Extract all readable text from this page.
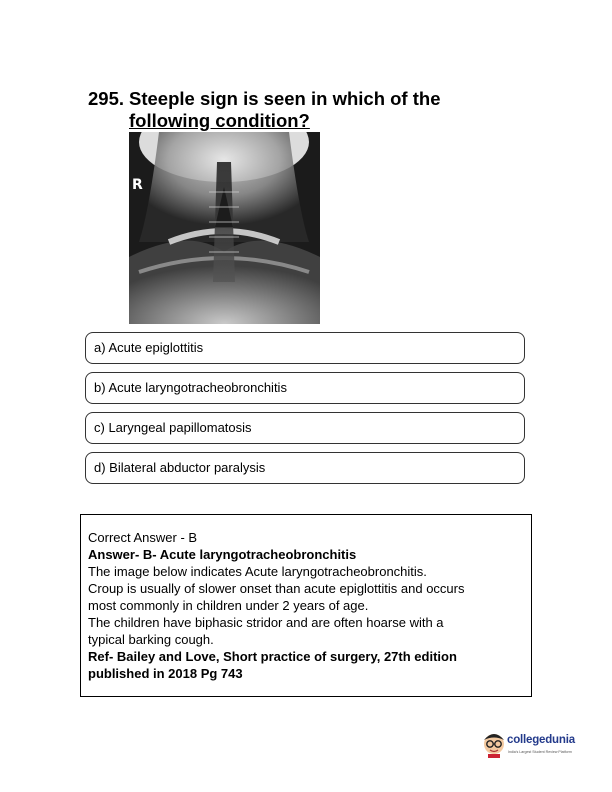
295. Steeple sign is seen in which of the
following condition?
R
a) Acute epiglottitis
b) Acute laryngotracheobronchitis
c) Laryngeal papillomatosis
d) Bilateral abductor paralysis

Correct Answer - B

Answer- B- Acute laryngotracheobronchitis

The image below indicates Acute laryngotracheobronchitis.

Croup is usually of slower onset than acute epiglottitis and occurs

most commonly in children under 2 years of age.

The children have biphasic stridor and are often hoarse with a

typical barking cough.

Ref- Bailey and Love, Short practice of surgery, 27th edition

published in 2018 Pg 743

collegedunia
India's Largest Student Review Platform
